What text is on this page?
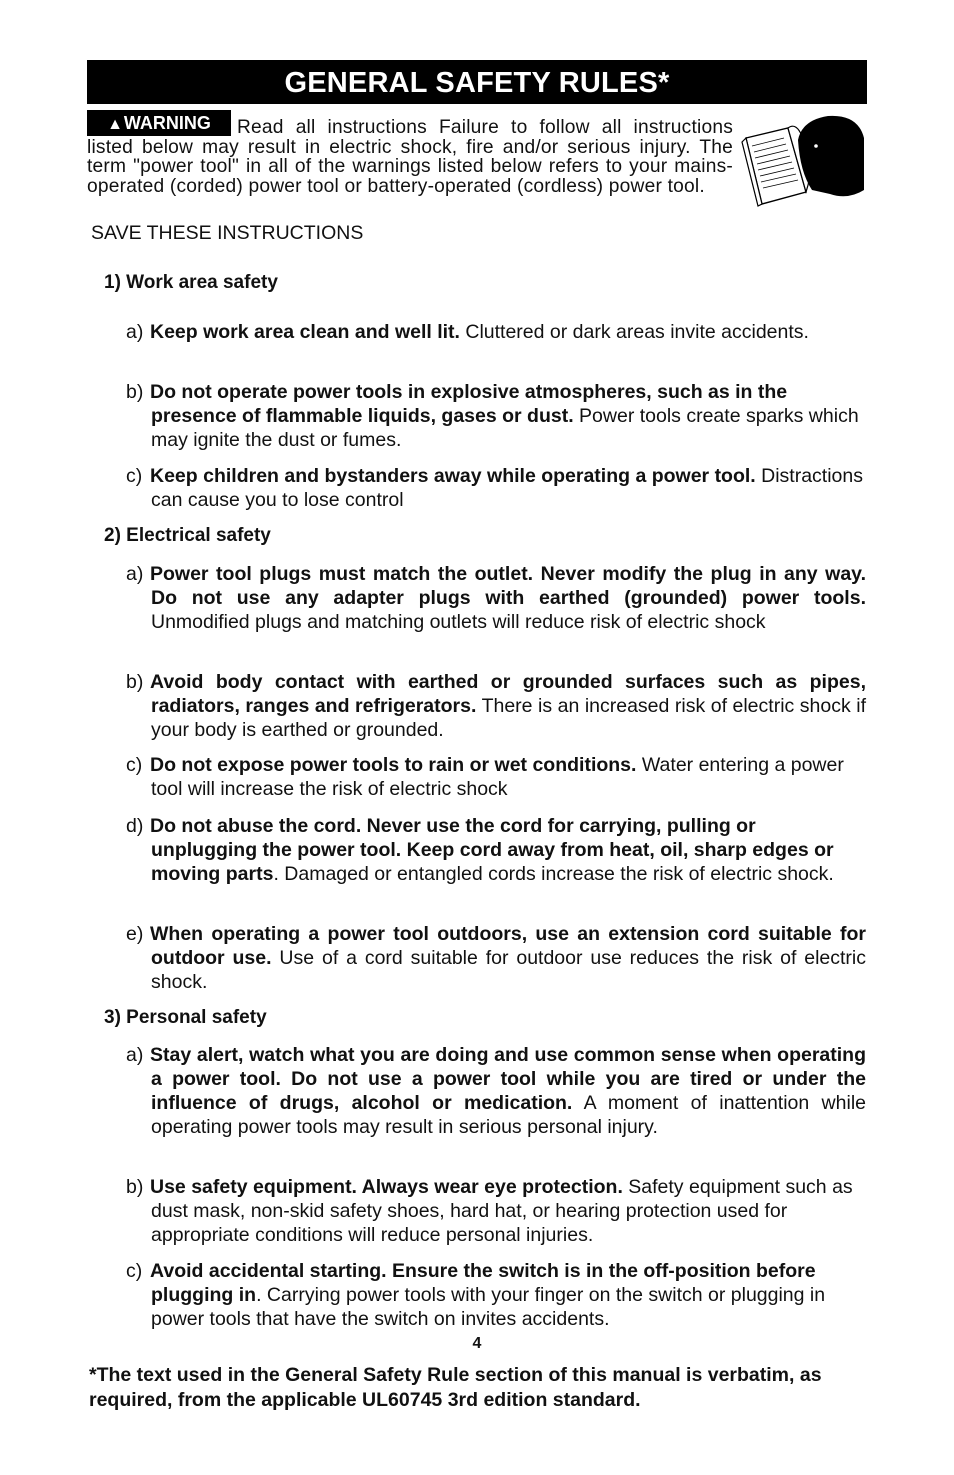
GENERAL SAFETY RULES*
▲WARNING	Read all instructions Failure to follow all instructions listed below may result in electric shock, fire and/or serious injury. The term "power tool" in all of the warnings listed below refers to your mains-operated (corded) power tool or battery-operated (cordless) power tool.
SAVE THESE INSTRUCTIONS
1) Work area safety
a) Keep work area clean and well lit. Cluttered or dark areas invite accidents.
b) Do not operate power tools in explosive atmospheres, such as in the presence of flammable liquids, gases or dust. Power tools create sparks which may ignite the dust or fumes.
c) Keep children and bystanders away while operating a power tool. Distractions can cause you to lose control
2) Electrical safety
a) Power tool plugs must match the outlet. Never modify the plug in any way. Do not use any adapter plugs with earthed (grounded) power tools. Unmodified plugs and matching outlets will reduce risk of electric shock
b) Avoid body contact with earthed or grounded surfaces such as pipes, radiators, ranges and refrigerators. There is an increased risk of electric shock if your body is earthed or grounded.
c) Do not expose power tools to rain or wet conditions. Water entering a power tool will increase the risk of electric shock
d) Do not abuse the cord. Never use the cord for carrying, pulling or unplugging the power tool. Keep cord away from heat, oil, sharp edges or moving parts. Damaged or entangled cords increase the risk of electric shock.
e) When operating a power tool outdoors, use an extension cord suitable for outdoor use. Use of a cord suitable for outdoor use reduces the risk of electric shock.
3) Personal safety
a) Stay alert, watch what you are doing and use common sense when operating a power tool. Do not use a power tool while you are tired or under the influence of drugs, alcohol or medication. A moment of inattention while operating power tools may result in serious personal injury.
b) Use safety equipment. Always wear eye protection. Safety equipment such as dust mask, non-skid safety shoes, hard hat, or hearing protection used for appropriate conditions will reduce personal injuries.
c) Avoid accidental starting. Ensure the switch is in the off-position before plugging in. Carrying power tools with your finger on the switch or plugging in power tools that have the switch on invites accidents.
4
*The text used in the General Safety Rule section of this manual is verbatim, as required, from the applicable UL60745 3rd edition standard.
